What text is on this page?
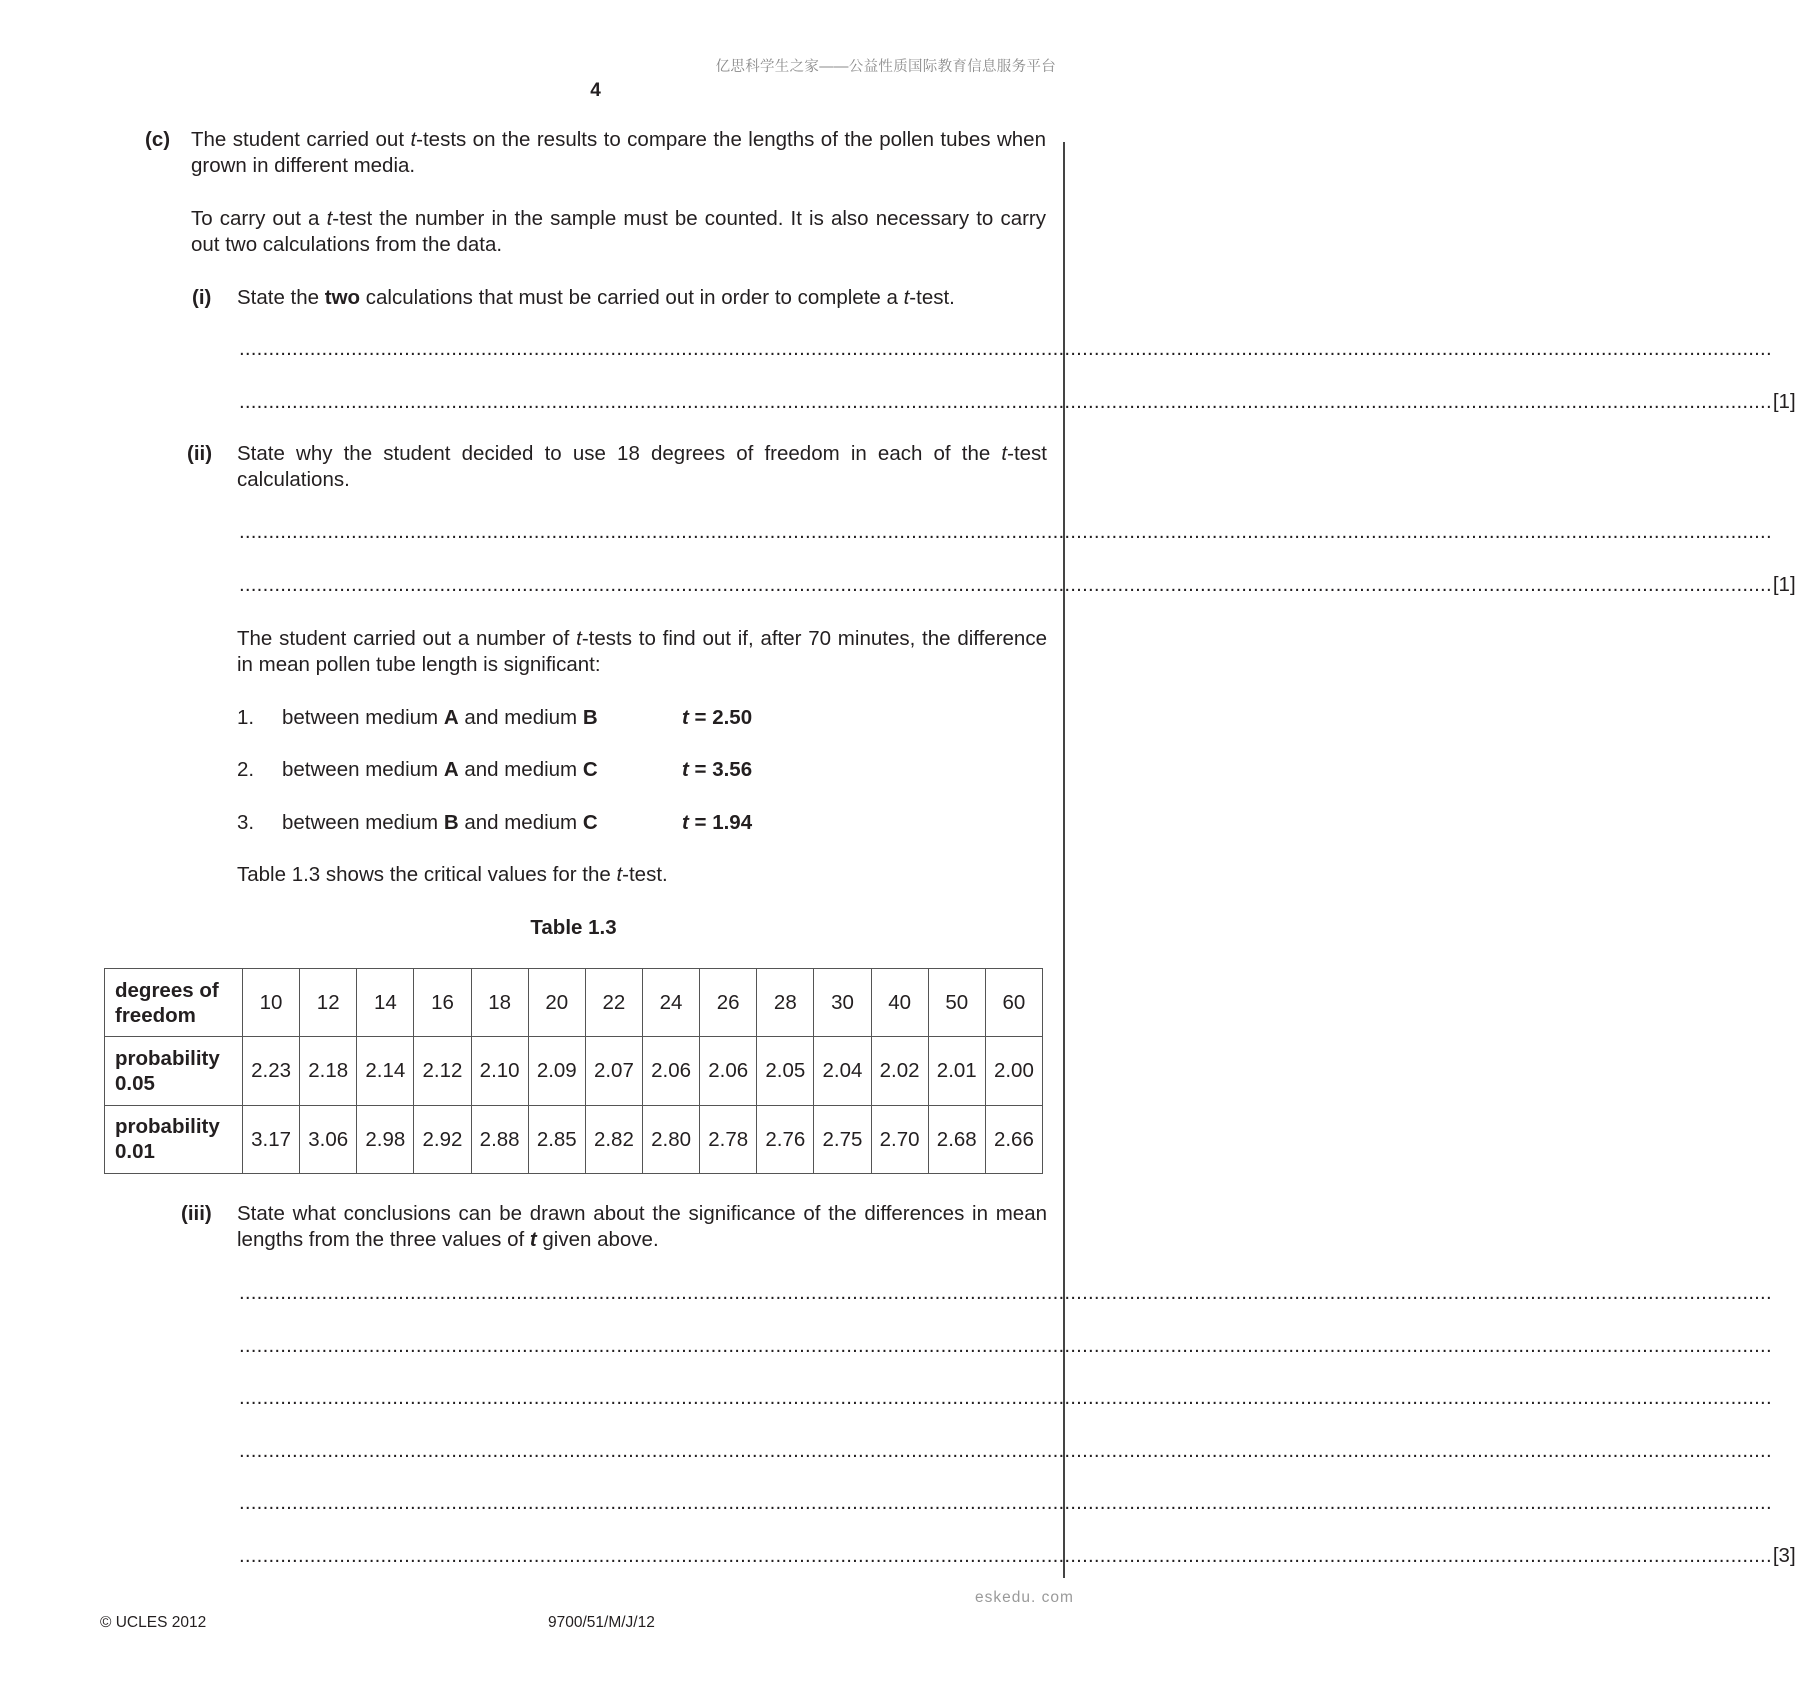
亿思科学生之家——公益性质国际教育信息服务平台
4
(c) The student carried out t-tests on the results to compare the lengths of the pollen tubes when grown in different media.
To carry out a t-test the number in the sample must be counted. It is also necessary to carry out two calculations from the data.
(i) State the two calculations that must be carried out in order to complete a t-test.
....................................................................................................................................................................................................................................................................
.................................................................................................................................................................................................................................................................... [1]
(ii) State why the student decided to use 18 degrees of freedom in each of the t-test calculations.
....................................................................................................................................................................................................................................................................
.................................................................................................................................................................................................................................................................... [1]
The student carried out a number of t-tests to find out if, after 70 minutes, the difference in mean pollen tube length is significant:
1.	between medium A and medium B	t = 2.50
2.	between medium A and medium C	t = 3.56
3.	between medium B and medium C	t = 1.94
Table 1.3 shows the critical values for the t-test.
Table 1.3
degrees of
freedom	10	12	14	16	18	20	22	24	26	28	30	40	50	60

probability
0.05	2.23	2.18	2.14	2.12	2.10	2.09	2.07	2.06	2.06	2.05	2.04	2.02	2.01	2.00

probability
0.01	3.17	3.06	2.98	2.92	2.88	2.85	2.82	2.80	2.78	2.76	2.75	2.70	2.68	2.66
(iii) State what conclusions can be drawn about the significance of the differences in mean lengths from the three values of t given above.
....................................................................................................................................................................................................................................................................
....................................................................................................................................................................................................................................................................
....................................................................................................................................................................................................................................................................
....................................................................................................................................................................................................................................................................
....................................................................................................................................................................................................................................................................
.................................................................................................................................................................................................................................................................... [3]
eskedu. com
© UCLES 2012	9700/51/M/J/12
